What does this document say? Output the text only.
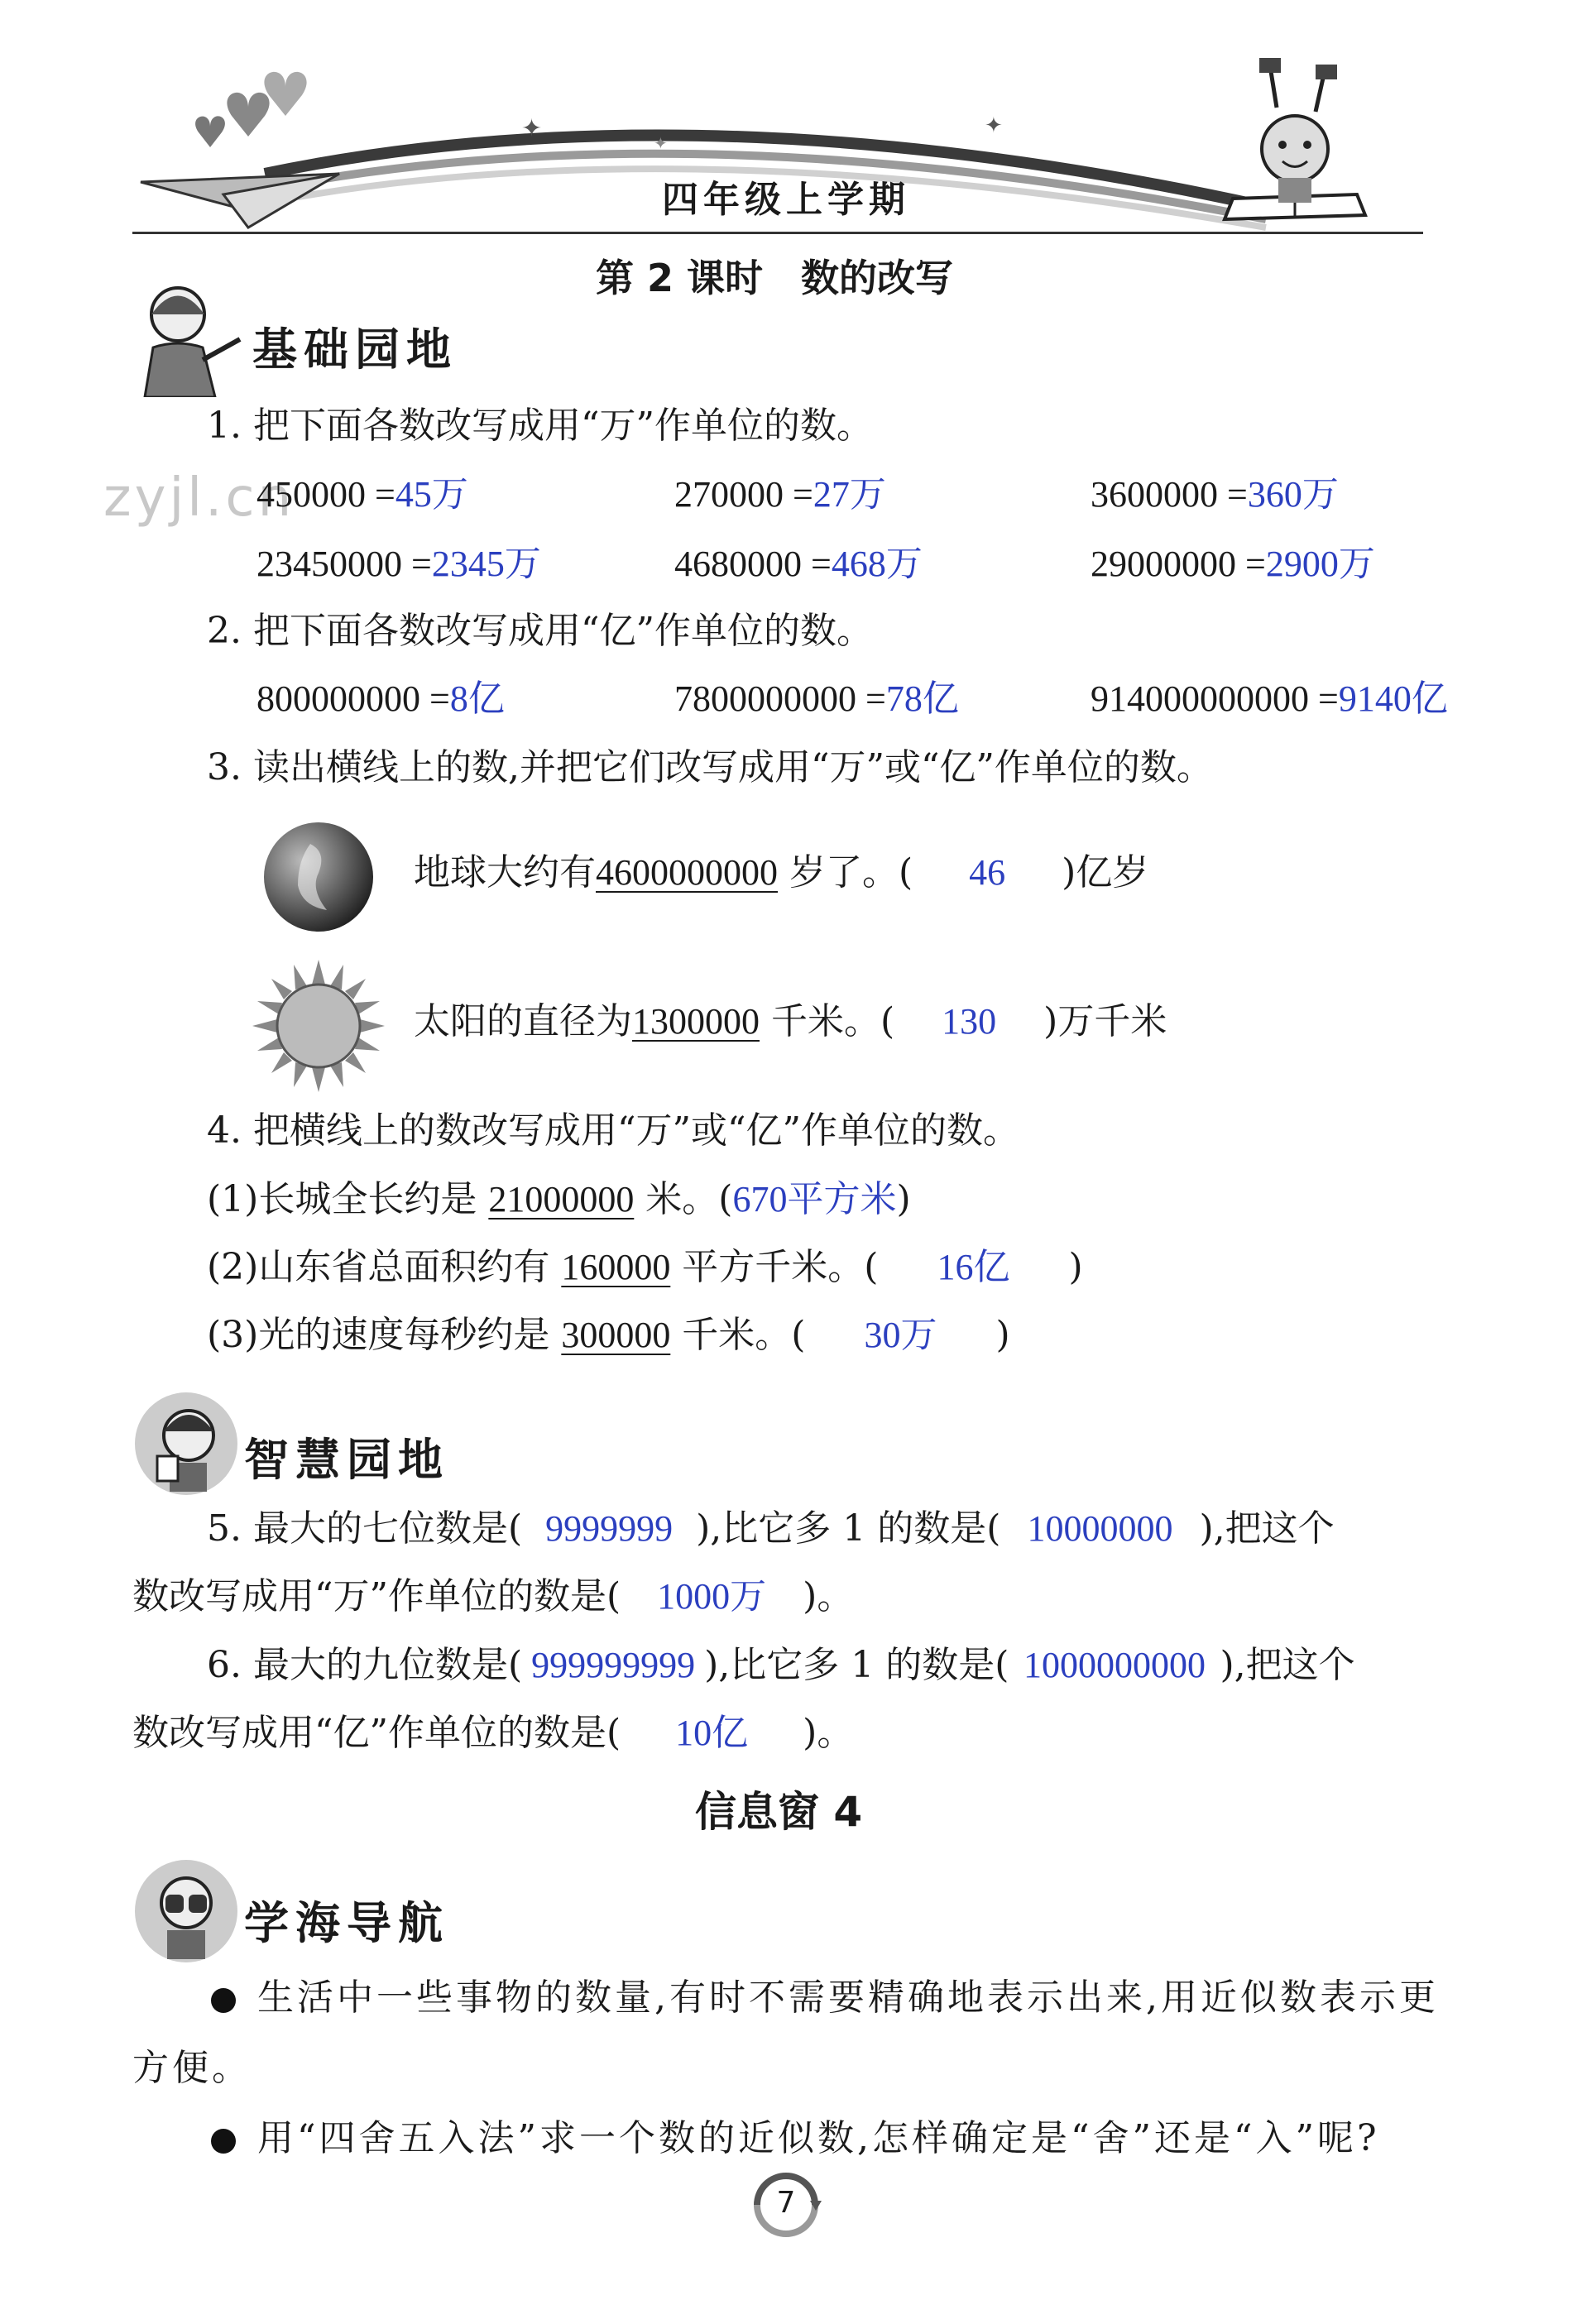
✦	✦
✦
四年级上学期
第 2 课时　数的改写
基础园地
1. 把下面各数改写成用“万”作单位的数。
zyjl.cn
450000 =45万	270000 =27万	3600000 =360万
23450000 =2345万	4680000 =468万	29000000 =2900万
2. 把下面各数改写成用“亿”作单位的数。
800000000 =8亿	7800000000 =78亿	914000000000 =9140亿
3. 读出横线上的数,并把它们改写成用“万”或“亿”作单位的数。
地球大约有4600000000 岁了。( 46 )亿岁
太阳的直径为1300000 千米。( 130 )万千米
4. 把横线上的数改写成用“万”或“亿”作单位的数。
(1)长城全长约是 21000000 米。(670平方米)
(2)山东省总面积约有 160000 平方千米。( 16亿 )
(3)光的速度每秒约是 300000 千米。( 30万 )
智慧园地
5. 最大的七位数是( 9999999 ),比它多 1 的数是( 10000000 ),把这个
数改写成用“万”作单位的数是( 1000万 )。
6. 最大的九位数是( 999999999 ),比它多 1 的数是( 1000000000 ),把这个
数改写成用“亿”作单位的数是( 10亿 )。
信息窗 4
学海导航
生活中一些事物的数量,有时不需要精确地表示出来,用近似数表示更
方便。
用“四舍五入法”求一个数的近似数,怎样确定是“舍”还是“入”呢?
7
